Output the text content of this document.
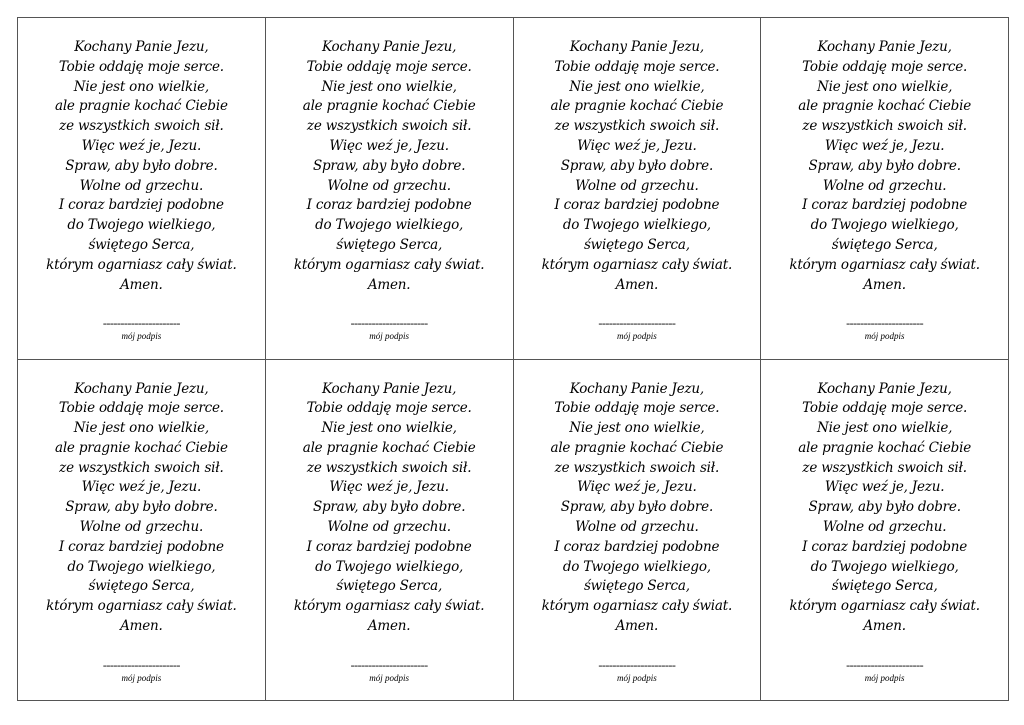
Kochany Panie Jezu,
Tobie oddaję moje serce.
Nie jest ono wielkie,
ale pragnie kochać Ciebie
ze wszystkich swoich sił.
Więc weź je, Jezu.
Spraw, aby było dobre.
Wolne od grzechu.
I coraz bardziej podobne
do Twojego wielkiego,
świętego Serca,
którym ogarniasz cały świat.
Amen.
----------------------
mój podpis
Kochany Panie Jezu,
Tobie oddaję moje serce.
Nie jest ono wielkie,
ale pragnie kochać Ciebie
ze wszystkich swoich sił.
Więc weź je, Jezu.
Spraw, aby było dobre.
Wolne od grzechu.
I coraz bardziej podobne
do Twojego wielkiego,
świętego Serca,
którym ogarniasz cały świat.
Amen.
----------------------
mój podpis
Kochany Panie Jezu,
Tobie oddaję moje serce.
Nie jest ono wielkie,
ale pragnie kochać Ciebie
ze wszystkich swoich sił.
Więc weź je, Jezu.
Spraw, aby było dobre.
Wolne od grzechu.
I coraz bardziej podobne
do Twojego wielkiego,
świętego Serca,
którym ogarniasz cały świat.
Amen.
----------------------
mój podpis
Kochany Panie Jezu,
Tobie oddaję moje serce.
Nie jest ono wielkie,
ale pragnie kochać Ciebie
ze wszystkich swoich sił.
Więc weź je, Jezu.
Spraw, aby było dobre.
Wolne od grzechu.
I coraz bardziej podobne
do Twojego wielkiego,
świętego Serca,
którym ogarniasz cały świat.
Amen.
----------------------
mój podpis
Kochany Panie Jezu,
Tobie oddaję moje serce.
Nie jest ono wielkie,
ale pragnie kochać Ciebie
ze wszystkich swoich sił.
Więc weź je, Jezu.
Spraw, aby było dobre.
Wolne od grzechu.
I coraz bardziej podobne
do Twojego wielkiego,
świętego Serca,
którym ogarniasz cały świat.
Amen.
----------------------
mój podpis
Kochany Panie Jezu,
Tobie oddaję moje serce.
Nie jest ono wielkie,
ale pragnie kochać Ciebie
ze wszystkich swoich sił.
Więc weź je, Jezu.
Spraw, aby było dobre.
Wolne od grzechu.
I coraz bardziej podobne
do Twojego wielkiego,
świętego Serca,
którym ogarniasz cały świat.
Amen.
----------------------
mój podpis
Kochany Panie Jezu,
Tobie oddaję moje serce.
Nie jest ono wielkie,
ale pragnie kochać Ciebie
ze wszystkich swoich sił.
Więc weź je, Jezu.
Spraw, aby było dobre.
Wolne od grzechu.
I coraz bardziej podobne
do Twojego wielkiego,
świętego Serca,
którym ogarniasz cały świat.
Amen.
----------------------
mój podpis
Kochany Panie Jezu,
Tobie oddaję moje serce.
Nie jest ono wielkie,
ale pragnie kochać Ciebie
ze wszystkich swoich sił.
Więc weź je, Jezu.
Spraw, aby było dobre.
Wolne od grzechu.
I coraz bardziej podobne
do Twojego wielkiego,
świętego Serca,
którym ogarniasz cały świat.
Amen.
----------------------
mój podpis
